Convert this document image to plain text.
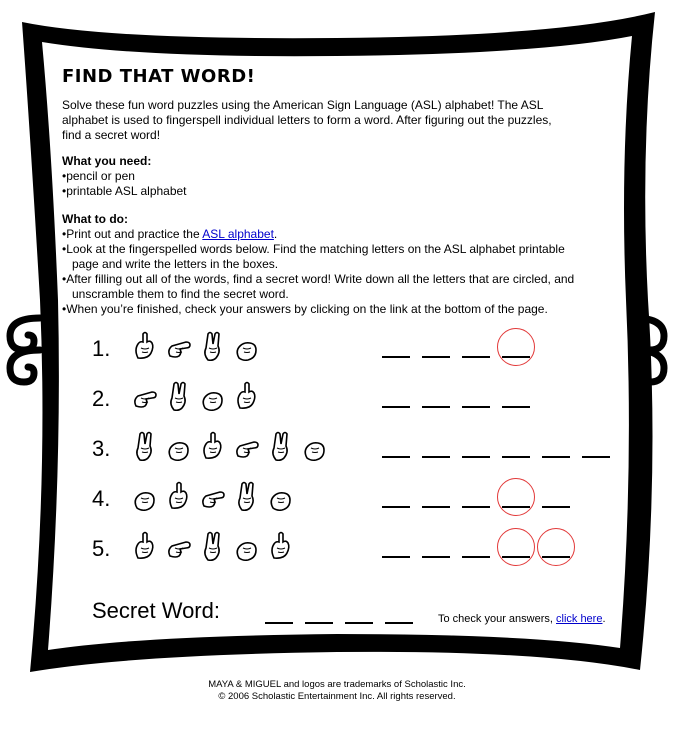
FIND THAT WORD!
Solve these fun word puzzles using the American Sign Language (ASL) alphabet! The ASL alphabet is used to fingerspell individual letters to form a word. After figuring out the puzzles, find a secret word!
What you need:
• pencil or pen
• printable ASL alphabet
What to do:
• Print out and practice the ASL alphabet.
• Look at the fingerspelled words below. Find the matching letters on the ASL alphabet printable page and write the letters in the boxes.
• After filling out all of the words, find a secret word! Write down all the letters that are circled, and unscramble them to find the secret word.
• When you’re finished, check your answers by clicking on the link at the bottom of the page.
1.
2.
3.
4.
5.
Secret Word:	To check your answers, click here.
MAYA & MIGUEL and logos are trademarks of Scholastic Inc.
© 2006 Scholastic Entertainment Inc. All rights reserved.
